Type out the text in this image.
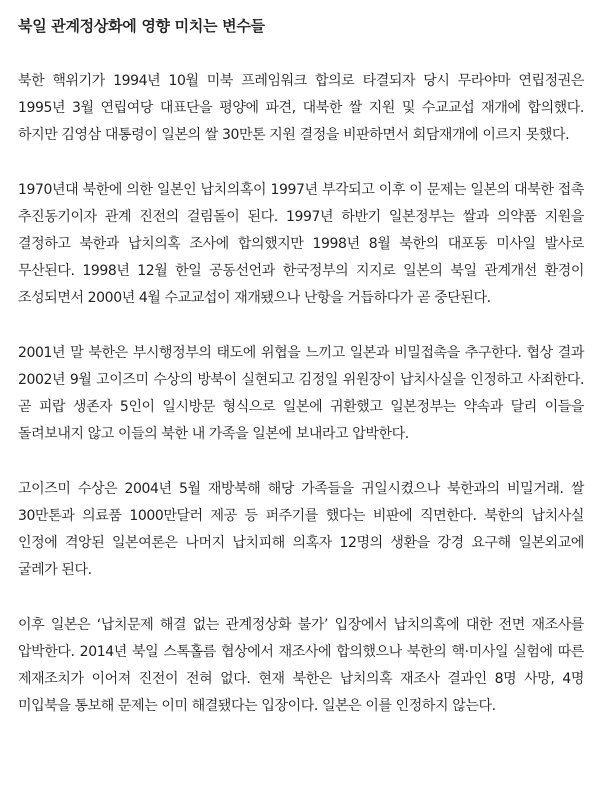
북일 관계정상화에 영향 미치는 변수들

북한 핵위기가 1994년 10월 미북 프레임워크 합의로 타결되자 당시 무라야마 연립정권은 1995년 3월 연립여당 대표단을 평양에 파견, 대북한 쌀 지원 및 수교교섭 재개에 합의했다. 하지만 김영삼 대통령이 일본의 쌀 30만톤 지원 결정을 비판하면서 회담재개에 이르지 못했다.

1970년대 북한에 의한 일본인 납치의혹이 1997년 부각되고 이후 이 문제는 일본의 대북한 접촉 추진동기이자 관계 진전의 걸림돌이 된다. 1997년 하반기 일본정부는 쌀과 의약품 지원을 결정하고 북한과 납치의혹 조사에 합의했지만 1998년 8월 북한의 대포동 미사일 발사로 무산된다. 1998년 12월 한일 공동선언과 한국정부의 지지로 일본의 북일 관계개선 환경이 조성되면서 2000년 4월 수교교섭이 재개됐으나 난항을 거듭하다가 곧 중단된다.

2001년 말 북한은 부시행정부의 태도에 위협을 느끼고 일본과 비밀접촉을 추구한다. 협상 결과 2002년 9월 고이즈미 수상의 방북이 실현되고 김정일 위원장이 납치사실을 인정하고 사죄한다. 곧 피랍 생존자 5인이 일시방문 형식으로 일본에 귀환했고 일본정부는 약속과 달리 이들을 돌려보내지 않고 이들의 북한 내 가족을 일본에 보내라고 압박한다.

고이즈미 수상은 2004년 5월 재방북해 해당 가족들을 귀일시켰으나 북한과의 비밀거래. 쌀 30만톤과 의료품 1000만달러 제공 등 퍼주기를 했다는 비판에 직면한다. 북한의 납치사실 인정에 격앙된 일본여론은 나머지 납치피해 의혹자 12명의 생환을 강경 요구해 일본외교에 굴레가 된다.

이후 일본은 ‘납치문제 해결 없는 관계정상화 불가’ 입장에서 납치의혹에 대한 전면 재조사를 압박한다. 2014년 북일 스톡홀름 협상에서 재조사에 합의했으나 북한의 핵·미사일 실험에 따른 제재조치가 이어져 진전이 전혀 없다. 현재 북한은 납치의혹 재조사 결과인 8명 사망, 4명 미입북을 통보해 문제는 이미 해결됐다는 입장이다. 일본은 이를 인정하지 않는다.
